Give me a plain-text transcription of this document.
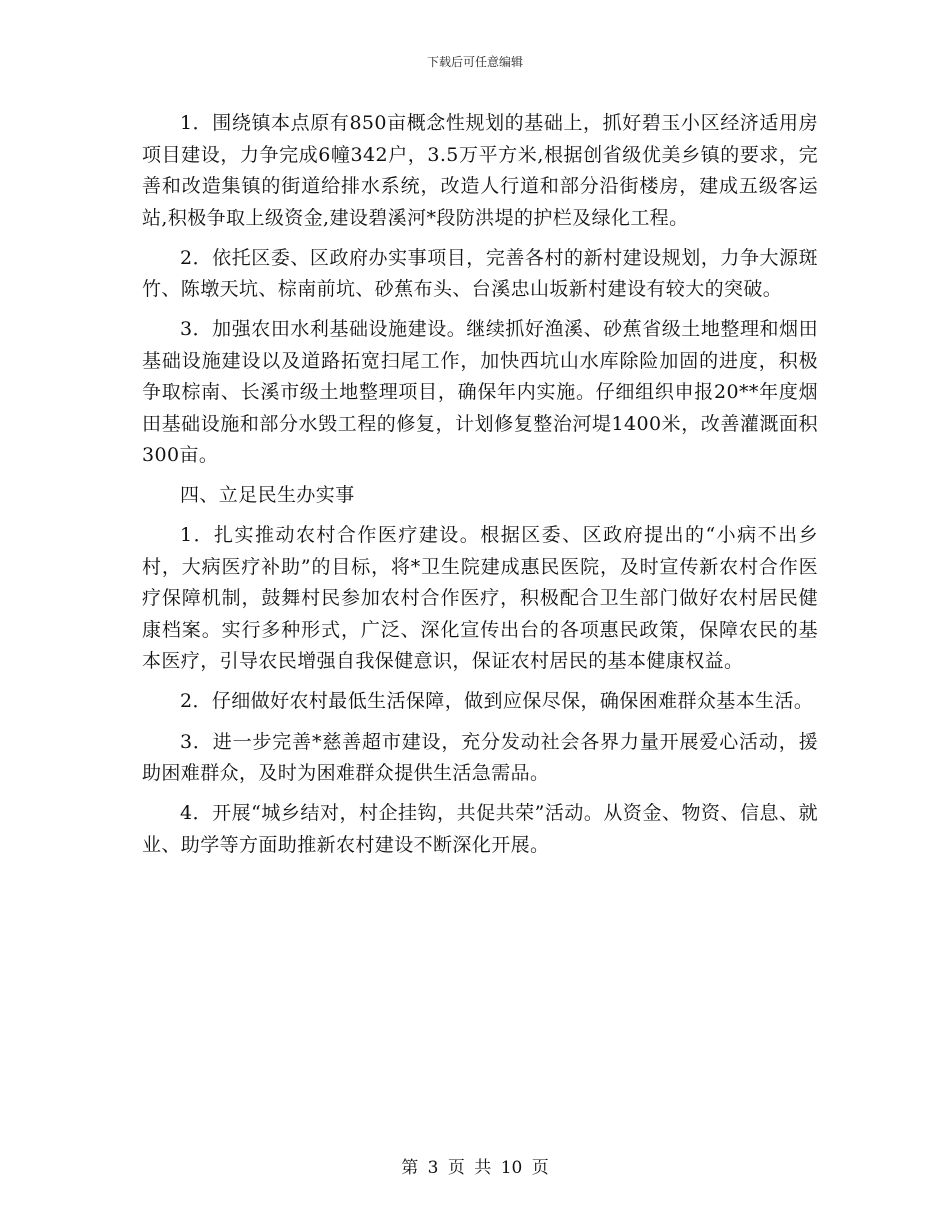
下载后可任意编辑

1．围绕镇本点原有850亩概念性规划的基础上，抓好碧玉小区经济适用房项目建设，力争完成6幢342户，3.5万平方米,根据创省级优美乡镇的要求，完善和改造集镇的街道给排水系统，改造人行道和部分沿街楼房，建成五级客运站,积极争取上级资金,建设碧溪河*段防洪堤的护栏及绿化工程。

2．依托区委、区政府办实事项目，完善各村的新村建设规划，力争大源斑竹、陈墩天坑、棕南前坑、砂蕉布头、台溪忠山坂新村建设有较大的突破。

3．加强农田水利基础设施建设。继续抓好渔溪、砂蕉省级土地整理和烟田基础设施建设以及道路拓宽扫尾工作，加快西坑山水库除险加固的进度，积极争取棕南、长溪市级土地整理项目，确保年内实施。仔细组织申报20**年度烟田基础设施和部分水毁工程的修复，计划修复整治河堤1400米，改善灌溉面积300亩。

四、立足民生办实事

1．扎实推动农村合作医疗建设。根据区委、区政府提出的“小病不出乡村，大病医疗补助”的目标，将*卫生院建成惠民医院，及时宣传新农村合作医疗保障机制，鼓舞村民参加农村合作医疗，积极配合卫生部门做好农村居民健康档案。实行多种形式，广泛、深化宣传出台的各项惠民政策，保障农民的基本医疗，引导农民增强自我保健意识，保证农村居民的基本健康权益。

2．仔细做好农村最低生活保障，做到应保尽保，确保困难群众基本生活。

3．进一步完善*慈善超市建设，充分发动社会各界力量开展爱心活动，援助困难群众，及时为困难群众提供生活急需品。

4．开展“城乡结对，村企挂钩，共促共荣”活动。从资金、物资、信息、就业、助学等方面助推新农村建设不断深化开展。

第 3 页 共 10 页
